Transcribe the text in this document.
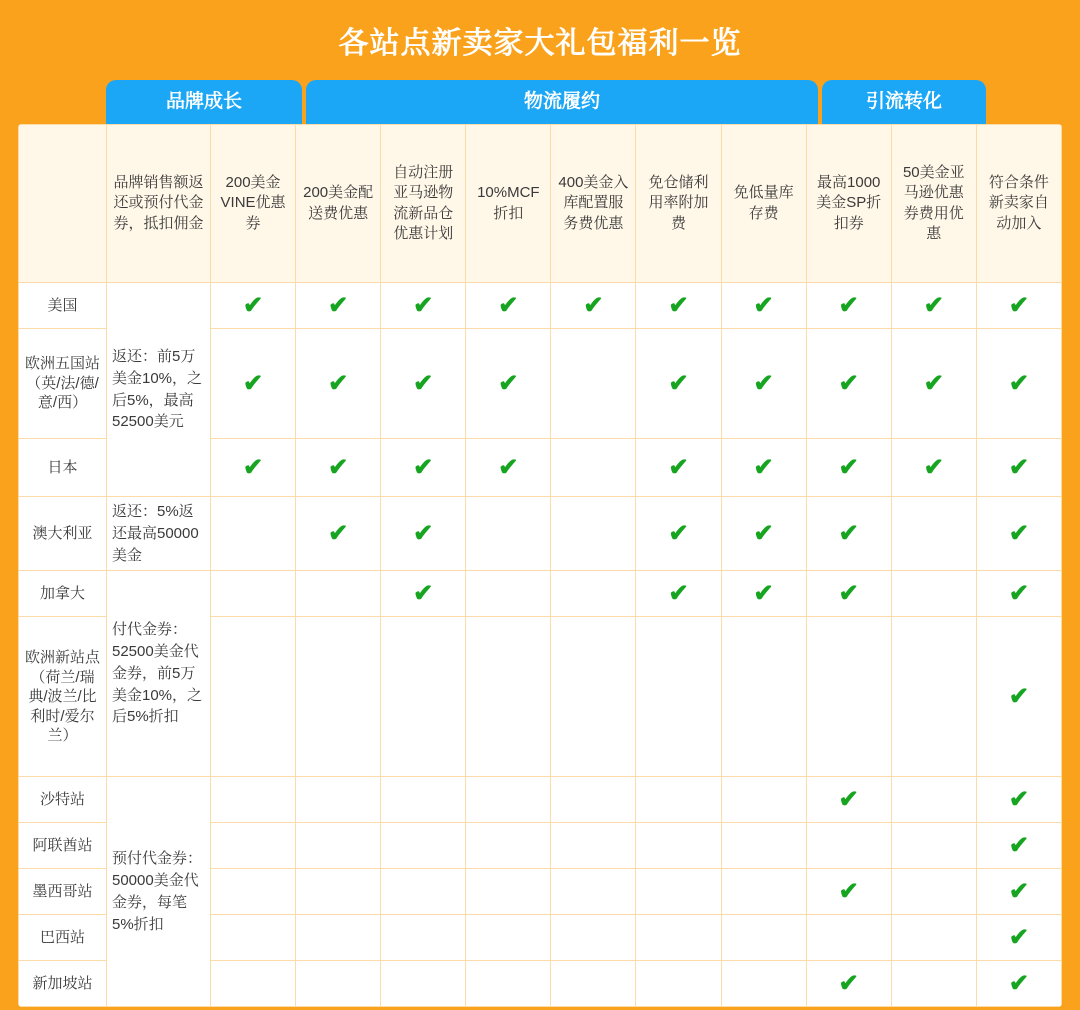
各站点新卖家大礼包福利一览
品牌成长	物流履约	引流转化
	品牌销售额返还或预付代金券，抵扣佣金	200美金VINE优惠券	200美金配送费优惠	自动注册亚马逊物流新品仓优惠计划	10%MCF折扣	400美金入库配置服务费优惠	免仓储利用率附加费	免低量库存费	最高1000美金SP折扣券	50美金亚马逊优惠券费用优惠	符合条件新卖家自动加入
美国	返还：前5万美金10%，之后5%，最高52500美元	✔	✔	✔	✔	✔	✔	✔	✔	✔	✔
欧洲五国站（英/法/德/意/西）		✔	✔	✔	✔		✔	✔	✔	✔	✔
日本		✔	✔	✔	✔		✔	✔	✔	✔	✔
澳大利亚	返还：5%返还最高50000美金		✔	✔			✔	✔	✔		✔
加拿大	付代金券：52500美金代金券，前5万美金10%，之后5%折扣			✔			✔	✔	✔		✔
欧洲新站点（荷兰/瑞典/波兰/比利时/爱尔兰）											✔
沙特站	预付代金券：50000美金代金券，每笔5%折扣								✔		✔
阿联酋站											✔
墨西哥站									✔		✔
巴西站											✔
新加坡站									✔		✔
